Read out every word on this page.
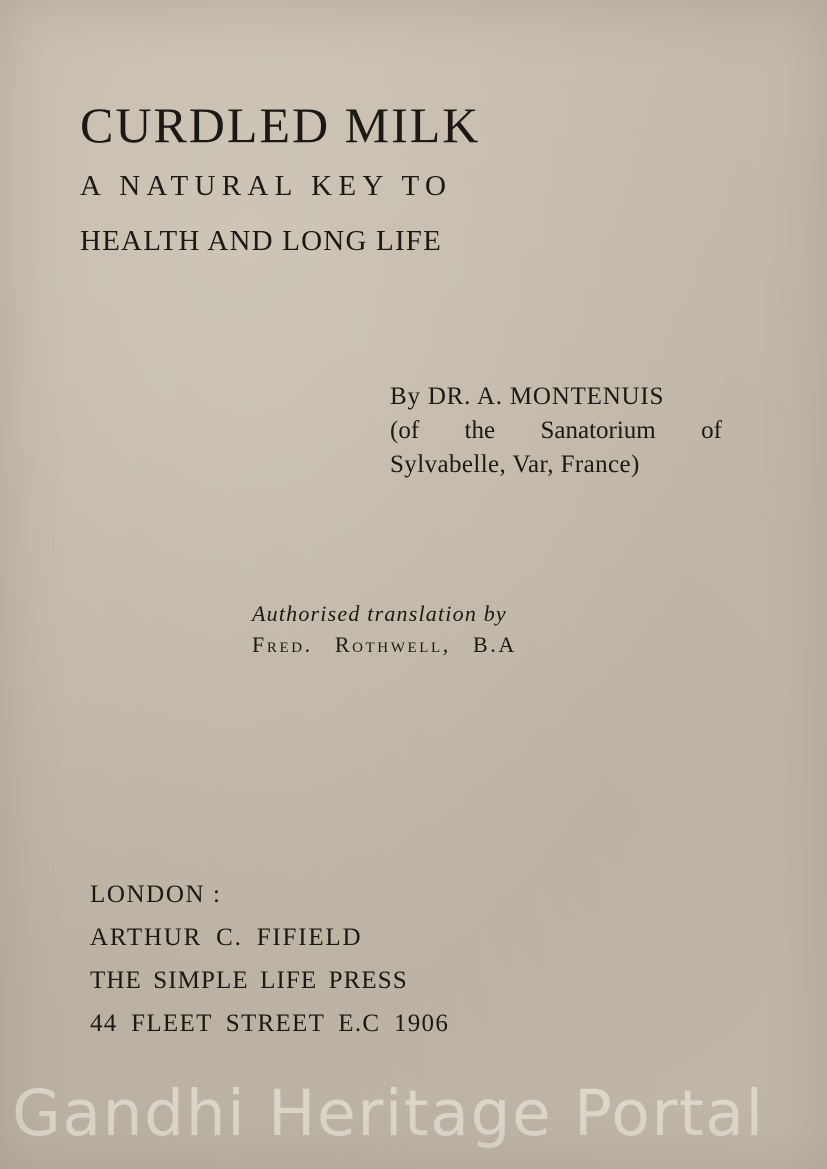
CURDLED MILK
A NATURAL KEY TO
HEALTH AND LONG LIFE
By DR. A. MONTENUIS
(of the Sanatorium of
Sylvabelle, Var, France)
Authorised translation by
Fred. Rothwell, B.A
LONDON :
ARTHUR C. FIFIELD
THE SIMPLE LIFE PRESS
44 FLEET STREET E.C 1906
Gandhi Heritage Portal
